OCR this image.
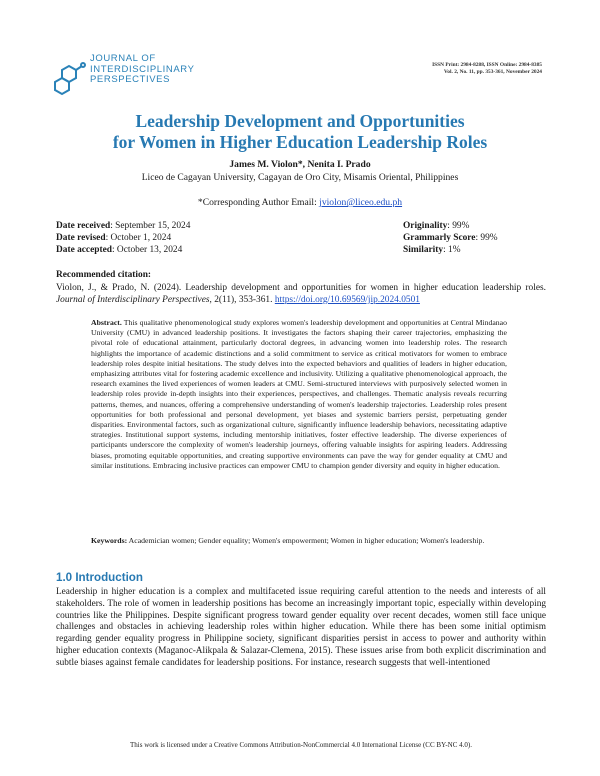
JOURNAL OF
INTERDISCIPLINARY
PERSPECTIVES
ISSN Print: 2984-8288, ISSN Online: 2984-8385
Vol. 2, No. 11, pp. 353-361, November 2024
Leadership Development and Opportunities
for Women in Higher Education Leadership Roles
James M. Violon*, Nenita I. Prado
Liceo de Cagayan University, Cagayan de Oro City, Misamis Oriental, Philippines
*Corresponding Author Email: jviolon@liceo.edu.ph
Date received: September 15, 2024
Date revised: October 1, 2024
Date accepted: October 13, 2024
Originality: 99%
Grammarly Score: 99%
Similarity: 1%
Recommended citation:
Violon, J., & Prado, N. (2024). Leadership development and opportunities for women in higher education leadership roles. Journal of Interdisciplinary Perspectives, 2(11), 353-361. https://doi.org/10.69569/jip.2024.0501
Abstract. This qualitative phenomenological study explores women's leadership development and opportunities at Central Mindanao University (CMU) in advanced leadership positions. It investigates the factors shaping their career trajectories, emphasizing the pivotal role of educational attainment, particularly doctoral degrees, in advancing women into leadership roles. The research highlights the importance of academic distinctions and a solid commitment to service as critical motivators for women to embrace leadership roles despite initial hesitations. The study delves into the expected behaviors and qualities of leaders in higher education, emphasizing attributes vital for fostering academic excellence and inclusivity. Utilizing a qualitative phenomenological approach, the research examines the lived experiences of women leaders at CMU. Semi-structured interviews with purposively selected women in leadership roles provide in-depth insights into their experiences, perspectives, and challenges. Thematic analysis reveals recurring patterns, themes, and nuances, offering a comprehensive understanding of women's leadership trajectories. Leadership roles present opportunities for both professional and personal development, yet biases and systemic barriers persist, perpetuating gender disparities. Environmental factors, such as organizational culture, significantly influence leadership behaviors, necessitating adaptive strategies. Institutional support systems, including mentorship initiatives, foster effective leadership. The diverse experiences of participants underscore the complexity of women's leadership journeys, offering valuable insights for aspiring leaders. Addressing biases, promoting equitable opportunities, and creating supportive environments can pave the way for gender equality at CMU and similar institutions. Embracing inclusive practices can empower CMU to champion gender diversity and equity in higher education.
Keywords: Academician women; Gender equality; Women's empowerment; Women in higher education; Women's leadership.
1.0 Introduction
Leadership in higher education is a complex and multifaceted issue requiring careful attention to the needs and interests of all stakeholders. The role of women in leadership positions has become an increasingly important topic, especially within developing countries like the Philippines. Despite significant progress toward gender equality over recent decades, women still face unique challenges and obstacles in achieving leadership roles within higher education. While there has been some initial optimism regarding gender equality progress in Philippine society, significant disparities persist in access to power and authority within higher education contexts (Maganoc-Alikpala & Salazar-Clemena, 2015). These issues arise from both explicit discrimination and subtle biases against female candidates for leadership positions. For instance, research suggests that well-intentioned
This work is licensed under a Creative Commons Attribution-NonCommercial 4.0 International License (CC BY-NC 4.0).
